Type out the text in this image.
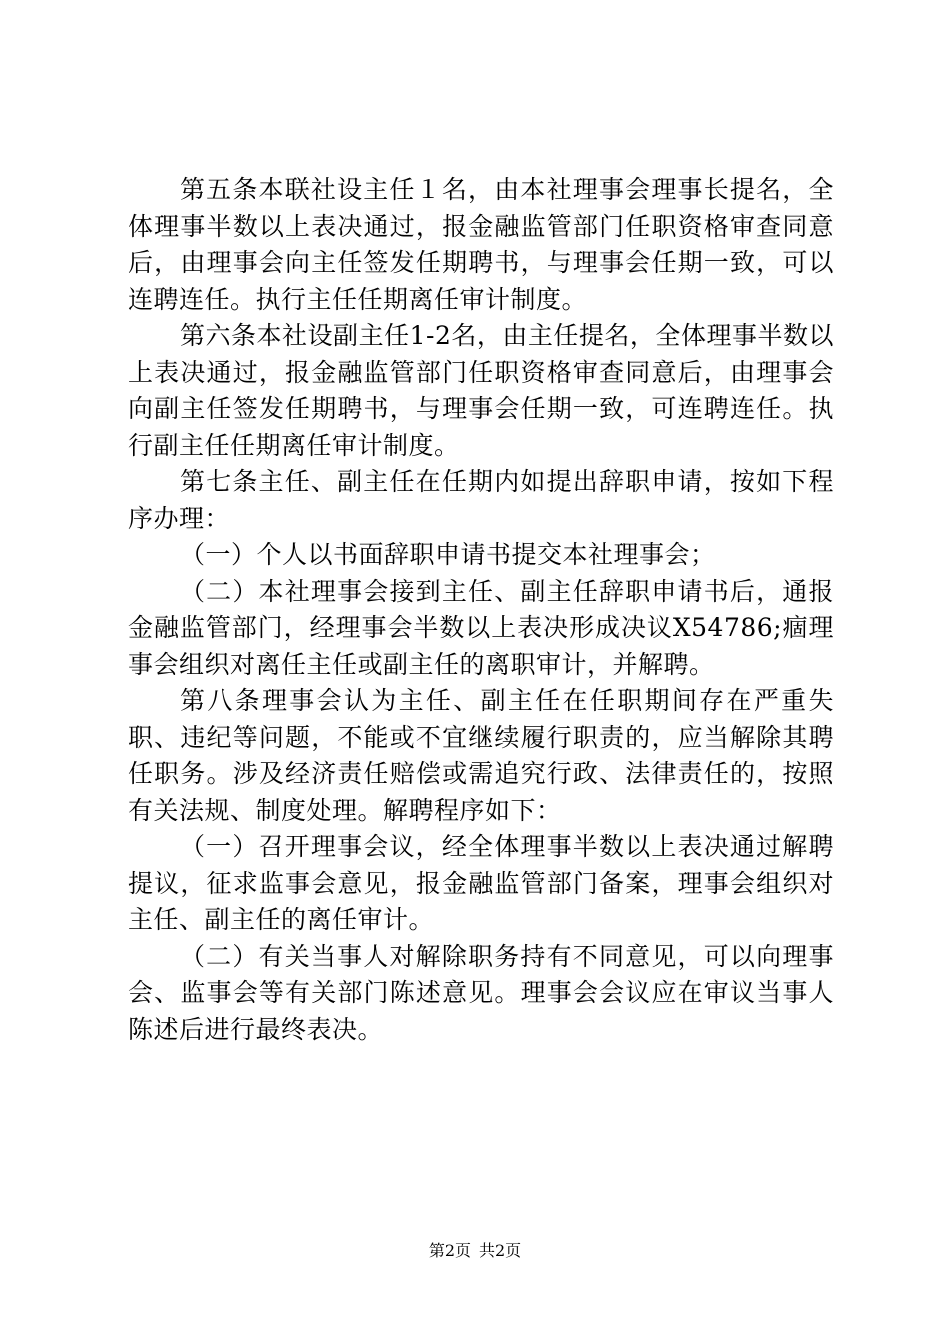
第五条本联社设主任１名，由本社理事会理事长提名，全体理事半数以上表决通过，报金融监管部门任职资格审查同意后，由理事会向主任签发任期聘书，与理事会任期一致，可以连聘连任。执行主任任期离任审计制度。

第六条本社设副主任1-2名，由主任提名，全体理事半数以上表决通过，报金融监管部门任职资格审查同意后，由理事会向副主任签发任期聘书，与理事会任期一致，可连聘连任。执行副主任任期离任审计制度。

第七条主任、副主任在任期内如提出辞职申请，按如下程序办理：

（一）个人以书面辞职申请书提交本社理事会；

（二）本社理事会接到主任、副主任辞职申请书后，通报金融监管部门，经理事会半数以上表决形成决议X54786;痼理事会组织对离任主任或副主任的离职审计，并解聘。

第八条理事会认为主任、副主任在任职期间存在严重失职、违纪等问题，不能或不宜继续履行职责的，应当解除其聘任职务。涉及经济责任赔偿或需追究行政、法律责任的，按照有关法规、制度处理。解聘程序如下：

（一）召开理事会议，经全体理事半数以上表决通过解聘提议，征求监事会意见，报金融监管部门备案，理事会组织对主任、副主任的离任审计。

（二）有关当事人对解除职务持有不同意见，可以向理事会、监事会等有关部门陈述意见。理事会会议应在审议当事人陈述后进行最终表决。

第2页 共2页
